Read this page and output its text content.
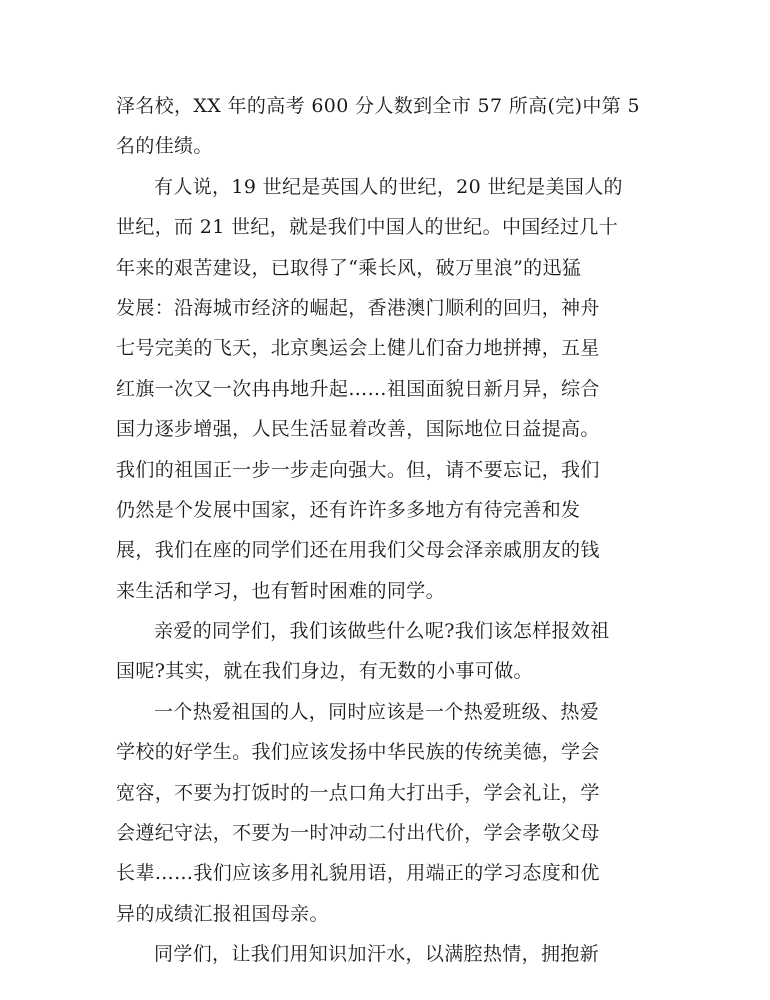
泽名校，XX 年的高考 600 分人数到全市 57 所高(完)中第 5
名的佳绩。
有人说，19 世纪是英国人的世纪，20 世纪是美国人的
世纪，而 21 世纪，就是我们中国人的世纪。中国经过几十
年来的艰苦建设，已取得了“乘长风，破万里浪”的迅猛
发展：沿海城市经济的崛起，香港澳门顺利的回归，神舟
七号完美的飞天，北京奥运会上健儿们奋力地拼搏，五星
红旗一次又一次冉冉地升起……祖国面貌日新月异，综合
国力逐步增强，人民生活显着改善，国际地位日益提高。
我们的祖国正一步一步走向强大。但，请不要忘记，我们
仍然是个发展中国家，还有许许多多地方有待完善和发
展，我们在座的同学们还在用我们父母会泽亲戚朋友的钱
来生活和学习，也有暂时困难的同学。
亲爱的同学们，我们该做些什么呢?我们该怎样报效祖
国呢?其实，就在我们身边，有无数的小事可做。
一个热爱祖国的人，同时应该是一个热爱班级、热爱
学校的好学生。我们应该发扬中华民族的传统美德，学会
宽容，不要为打饭时的一点口角大打出手，学会礼让，学
会遵纪守法，不要为一时冲动二付出代价，学会孝敬父母
长辈……我们应该多用礼貌用语，用端正的学习态度和优
异的成绩汇报祖国母亲。
同学们，让我们用知识加汗水，以满腔热情，拥抱新
